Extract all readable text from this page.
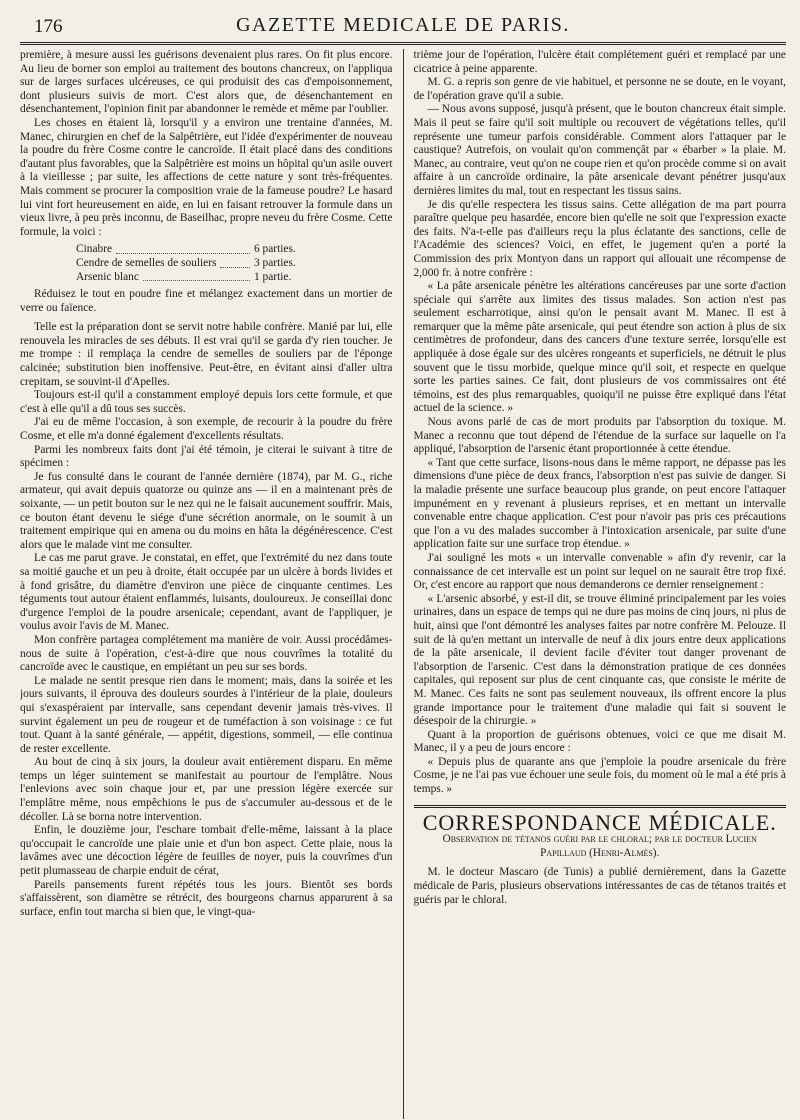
176	GAZETTE MEDICALE DE PARIS.

première, à mesure aussi les guérisons devenaient plus rares. On fit plus encore. Au lieu de borner son emploi au traitement des boutons chancreux, on l'appliqua sur de larges surfaces ulcéreuses, ce qui produisit des cas d'empoisonnement, dont plusieurs suivis de mort. C'est alors que, de désenchantement en désenchantement, l'opinion finit par abandonner le remède et même par l'oublier.

Les choses en étaient là, lorsqu'il y a environ une trentaine d'années, M. Manec, chirurgien en chef de la Salpêtrière, eut l'idée d'expérimenter de nouveau la poudre du frère Cosme contre le cancroïde. Il était placé dans des conditions d'autant plus favorables, que la Salpêtrière est moins un hôpital qu'un asile ouvert à la vieillesse ; par suite, les affections de cette nature y sont très-fréquentes. Mais comment se procurer la composition vraie de la fameuse poudre? Le hasard lui vint fort heureusement en aide, en lui en faisant retrouver la formule dans un vieux livre, à peu près inconnu, de Baseilhac, propre neveu du frère Cosme. Cette formule, la voici :

Cinabre	6 parties.
Cendre de semelles de souliers	3 parties.
Arsenic blanc	1 partie.

Réduisez le tout en poudre fine et mélangez exactement dans un mortier de verre ou faïence.

Telle est la préparation dont se servit notre habile confrère. Manié par lui, elle renouvela les miracles de ses débuts. Il est vrai qu'il se garda d'y rien toucher. Je me trompe : il remplaça la cendre de semelles de souliers par de l'éponge calcinée; substitution bien inoffensive. Peut-être, en évitant ainsi d'aller ultra crepitam, se souvint-il d'Apelles.

Toujours est-il qu'il a constamment employé depuis lors cette formule, et que c'est à elle qu'il a dû tous ses succès.

J'ai eu de même l'occasion, à son exemple, de recourir à la poudre du frère Cosme, et elle m'a donné également d'excellents résultats.

Parmi les nombreux faits dont j'ai été témoin, je citerai le suivant à titre de spécimen :

Je fus consulté dans le courant de l'année dernière (1874), par M. G., riche armateur, qui avait depuis quatorze ou quinze ans — il en a maintenant près de soixante, — un petit bouton sur le nez qui ne le faisait aucunement souffrir. Mais, ce bouton étant devenu le siége d'une sécrétion anormale, on le soumit à un traitement empirique qui en amena ou du moins en hâta la dégénérescence. C'est alors que le malade vint me consulter.

Le cas me parut grave. Je constatai, en effet, que l'extrémité du nez dans toute sa moitié gauche et un peu à droite, était occupée par un ulcère à bords livides et à fond grisâtre, du diamètre d'environ une pièce de cinquante centimes. Les téguments tout autour étaient enflammés, luisants, douloureux. Je conseillai donc d'urgence l'emploi de la poudre arsenicale; cependant, avant de l'appliquer, je voulus avoir l'avis de M. Manec.

Mon confrère partagea complétement ma manière de voir. Aussi procédâmes-nous de suite à l'opération, c'est-à-dire que nous couvrîmes la totalité du cancroïde avec le caustique, en empiétant un peu sur ses bords.

Le malade ne sentit presque rien dans le moment; mais, dans la soirée et les jours suivants, il éprouva des douleurs sourdes à l'intérieur de la plaie, douleurs qui s'exaspéraient par intervalle, sans cependant devenir jamais très-vives. Il survint également un peu de rougeur et de tuméfaction à son voisinage : ce fut tout. Quant à la santé générale, — appétit, digestions, sommeil, — elle continua de rester excellente.

Au bout de cinq à six jours, la douleur avait entièrement disparu. En même temps un léger suintement se manifestait au pourtour de l'emplâtre. Nous l'enlevions avec soin chaque jour et, par une pression légère exercée sur l'emplâtre même, nous empêchions le pus de s'accumuler au-dessous et de le décoller. Là se borna notre intervention.

Enfin, le douzième jour, l'eschare tombait d'elle-même, laissant à la place qu'occupait le cancroïde une plaie unie et d'un bon aspect. Cette plaie, nous la lavâmes avec une décoction légère de feuilles de noyer, puis la couvrîmes d'un petit plumasseau de charpie enduit de cérat,

Pareils pansements furent répétés tous les jours. Bientôt ses bords s'affaissèrent, son diamètre se rétrécit, des bourgeons charnus apparurent à sa surface, enfin tout marcha si bien que, le vingt-qua-

trième jour de l'opération, l'ulcère était complétement guéri et remplacé par une cicatrice à peine apparente.

M. G. a repris son genre de vie habituel, et personne ne se doute, en le voyant, de l'opération grave qu'il a subie.

— Nous avons supposé, jusqu'à présent, que le bouton chancreux était simple. Mais il peut se faire qu'il soit multiple ou recouvert de végétations telles, qu'il représente une tumeur parfois considérable. Comment alors l'attaquer par le caustique? Autrefois, on voulait qu'on commençât par « ébarber » la plaie. M. Manec, au contraire, veut qu'on ne coupe rien et qu'on procède comme si on avait affaire à un cancroïde ordinaire, la pâte arsenicale devant pénétrer jusqu'aux dernières limites du mal, tout en respectant les tissus sains.

Je dis qu'elle respectera les tissus sains. Cette allégation de ma part pourra paraître quelque peu hasardée, encore bien qu'elle ne soit que l'expression exacte des faits. N'a-t-elle pas d'ailleurs reçu la plus éclatante des sanctions, celle de l'Académie des sciences? Voici, en effet, le jugement qu'en a porté la Commission des prix Montyon dans un rapport qui allouait une récompense de 2,000 fr. à notre confrère :

« La pâte arsenicale pénètre les altérations cancéreuses par une sorte d'action spéciale qui s'arrête aux limites des tissus malades. Son action n'est pas seulement escharrotique, ainsi qu'on le pensait avant M. Manec. Il est à remarquer que la même pâte arsenicale, qui peut étendre son action à plus de six centimètres de profondeur, dans des cancers d'une texture serrée, lorsqu'elle est appliquée à dose égale sur des ulcères rongeants et superficiels, ne détruit le plus souvent que le tissu morbide, quelque mince qu'il soit, et respecte en quelque sorte les parties saines. Ce fait, dont plusieurs de vos commissaires ont été témoins, est des plus remarquables, quoiqu'il ne puisse être expliqué dans l'état actuel de la science. »

Nous avons parlé de cas de mort produits par l'absorption du toxique. M. Manec a reconnu que tout dépend de l'étendue de la surface sur laquelle on l'a appliqué, l'absorption de l'arsenic étant proportionnée à cette étendue.

« Tant que cette surface, lisons-nous dans le même rapport, ne dépasse pas les dimensions d'une pièce de deux francs, l'absorption n'est pas suivie de danger. Si la maladie présente une surface beaucoup plus grande, on peut encore l'attaquer impunément en y revenant à plusieurs reprises, et en mettant un intervalle convenable entre chaque application. C'est pour n'avoir pas pris ces précautions que l'on a vu des malades succomber à l'intoxication arsenicale, par suite d'une application faite sur une surface trop étendue. »

J'ai souligné les mots « un intervalle convenable » afin d'y revenir, car la connaissance de cet intervalle est un point sur lequel on ne saurait être trop fixé. Or, c'est encore au rapport que nous demanderons ce dernier renseignement :

« L'arsenic absorbé, y est-il dit, se trouve éliminé principalement par les voies urinaires, dans un espace de temps qui ne dure pas moins de cinq jours, ni plus de huit, ainsi que l'ont démontré les analyses faites par notre confrère M. Pelouze. Il suit de là qu'en mettant un intervalle de neuf à dix jours entre deux applications de la pâte arsenicale, il devient facile d'éviter tout danger provenant de l'absorption de l'arsenic. C'est dans la démonstration pratique de ces données capitales, qui reposent sur plus de cent cinquante cas, que consiste le mérite de M. Manec. Ces faits ne sont pas seulement nouveaux, ils offrent encore la plus grande importance pour le traitement d'une maladie qui fait si souvent le désespoir de la chirurgie. »

Quant à la proportion de guérisons obtenues, voici ce que me disait M. Manec, il y a peu de jours encore :

« Depuis plus de quarante ans que j'emploie la poudre arsenicale du frère Cosme, je ne l'ai pas vue échouer une seule fois, du moment où le mal a été pris à temps. »

CORRESPONDANCE MÉDICALE.
Observation de tétanos guéri par le chloral; par le docteur Lucien Papillaud (Henri-Almès).

M. le docteur Mascaro (de Tunis) a publié dernièrement, dans la Gazette médicale de Paris, plusieurs observations intéressantes de cas de tétanos traités et guéris par le chloral.
